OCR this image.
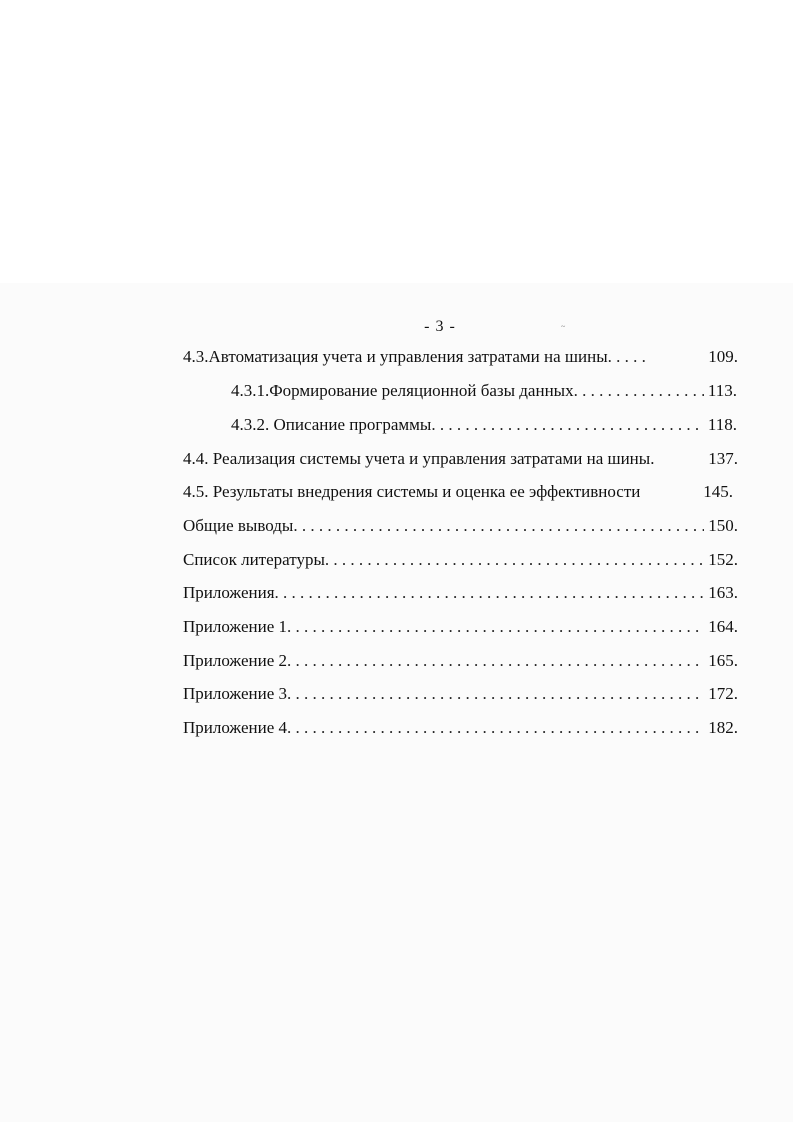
- 3 -	~
4.3.Автоматизация учета и управления затратами на шины . . .	109.
4.3.1.Формирование реляционной базы данных . . .	113.
4.3.2. Описание программы . . .	118.
4.4. Реализация системы учета и управления затратами на шины.	137.
4.5. Результаты внедрения системы и оценка ее эффективности	145.
Общие выводы . . .	150.
Список литературы . . .	152.
Приложения . . .	163.
Приложение 1 . . .	164.
Приложение 2 . . .	165.
Приложение 3 . . .	172.
Приложение 4 . . .	182.
